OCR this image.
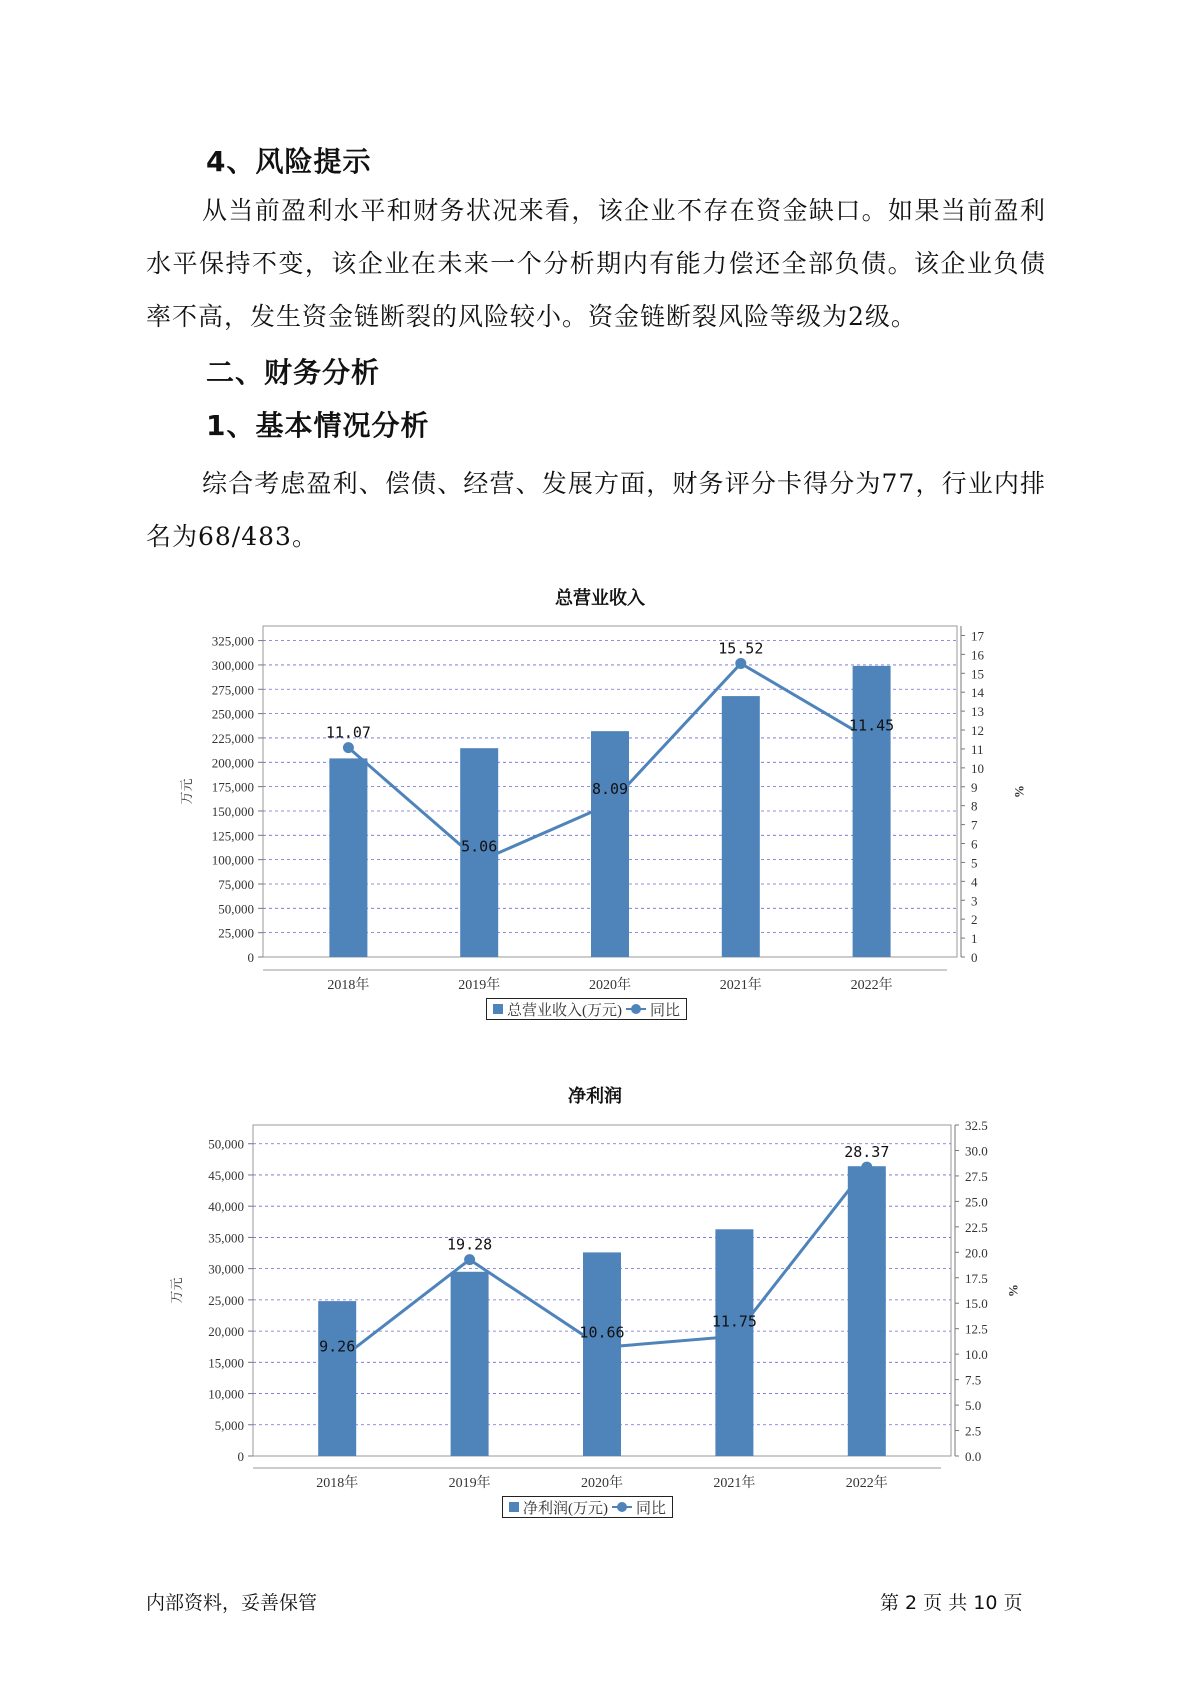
4、风险提示

从当前盈利水平和财务状况来看，该企业不存在资金缺口。如果当前盈利水平保持不变，该企业在未来一个分析期内有能力偿还全部负债。该企业负债率不高，发生资金链断裂的风险较小。资金链断裂风险等级为2级。

二、财务分析
1、基本情况分析

综合考虑盈利、偿债、经营、发展方面，财务评分卡得分为77，行业内排名为68/483。

总营业收入
0
25,000
50,000
75,000
100,000
125,000
150,000
175,000
200,000
225,000
250,000
275,000
300,000
325,000
0
1
2
3
4
5
6
7
8
9
10
11
12
13
14
15
16
17
万元	%
2018年	2019年	2020年	2021年	2022年
11.07
5.06
8.09
15.52
11.45
总营业收入(万元) 同比
净利润
0
5,000
10,000
15,000
20,000
25,000
30,000
35,000
40,000
45,000
50,000
0.0
2.5
5.0
7.5
10.0
12.5
15.0
17.5
20.0
22.5
25.0
27.5
30.0
32.5
万元	%
2018年	2019年	2020年	2021年	2022年
9.26
19.28
10.66
11.75
28.37
净利润(万元) 同比

内部资料，妥善保管	第 2 页 共 10 页
